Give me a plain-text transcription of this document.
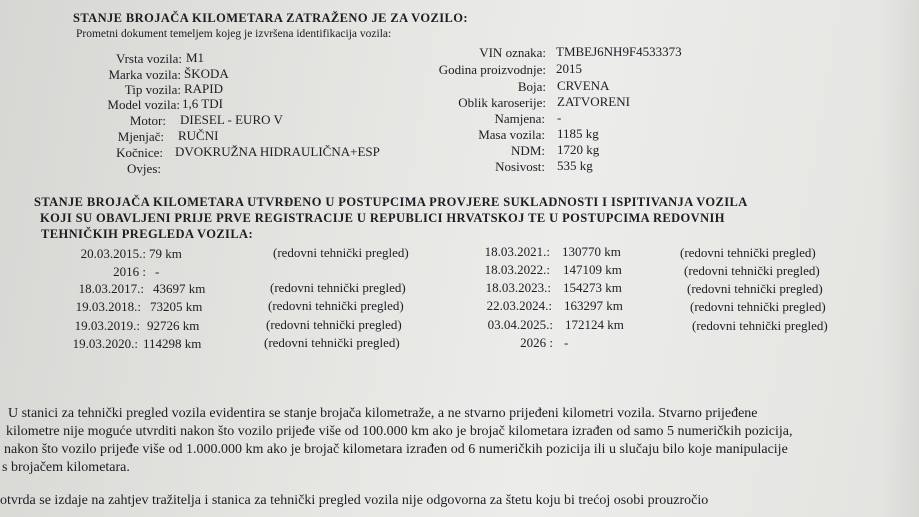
STANJE BROJAČA KILOMETARA ZATRAŽENO JE ZA VOZILO:
Prometni dokument temeljem kojeg je izvršena identifikacija vozila:
Vrsta vozila: M1
Marka vozila: ŠKODA
Tip vozila: RAPID
Model vozila: 1,6 TDI
Motor: DIESEL - EURO V
Mjenjač: RUČNI
Kočnice: DVOKRUŽNA HIDRAULIČNA+ESP
Ovjes:
VIN oznaka: TMBEJ6NH9F4533373
Godina proizvodnje: 2015
Boja: CRVENA
Oblik karoserije: ZATVORENI
Namjena: -
Masa vozila: 1185 kg
NDM: 1720 kg
Nosivost: 535 kg
STANJE BROJAČA KILOMETARA UTVRĐENO U POSTUPCIMA PROVJERE SUKLADNOSTI I ISPITIVANJA VOZILA
KOJI SU OBAVLJENI PRIJE PRVE REGISTRACIJE U REPUBLICI HRVATSKOJ TE U POSTUPCIMA REDOVNIH
TEHNIČKIH PREGLEDA VOZILA:
20.03.2015.: 79 km	(redovni tehnički pregled)
2016 : -
18.03.2017.: 43697 km	(redovni tehnički pregled)
19.03.2018.: 73205 km	(redovni tehnički pregled)
19.03.2019.: 92726 km	(redovni tehnički pregled)
19.03.2020.: 114298 km	(redovni tehnički pregled)
18.03.2021.: 130770 km	(redovni tehnički pregled)
18.03.2022.: 147109 km	(redovni tehnički pregled)
18.03.2023.: 154273 km	(redovni tehnički pregled)
22.03.2024.: 163297 km	(redovni tehnički pregled)
03.04.2025.: 172124 km	(redovni tehnički pregled)
2026 : -
U stanici za tehnički pregled vozila evidentira se stanje brojača kilometraže, a ne stvarno prijeđeni kilometri vozila. Stvarno prijeđene
kilometre nije moguće utvrditi nakon što vozilo prijeđe više od 100.000 km ako je brojač kilometara izrađen od samo 5 numeričkih pozicija,
nakon što vozilo prijeđe više od 1.000.000 km ako je brojač kilometara izrađen od 6 numeričkih pozicija ili u slučaju bilo koje manipulacije
s brojačem kilometara.
otvrda se izdaje na zahtjev tražitelja i stanica za tehnički pregled vozila nije odgovorna za štetu koju bi trećoj osobi prouzročio
